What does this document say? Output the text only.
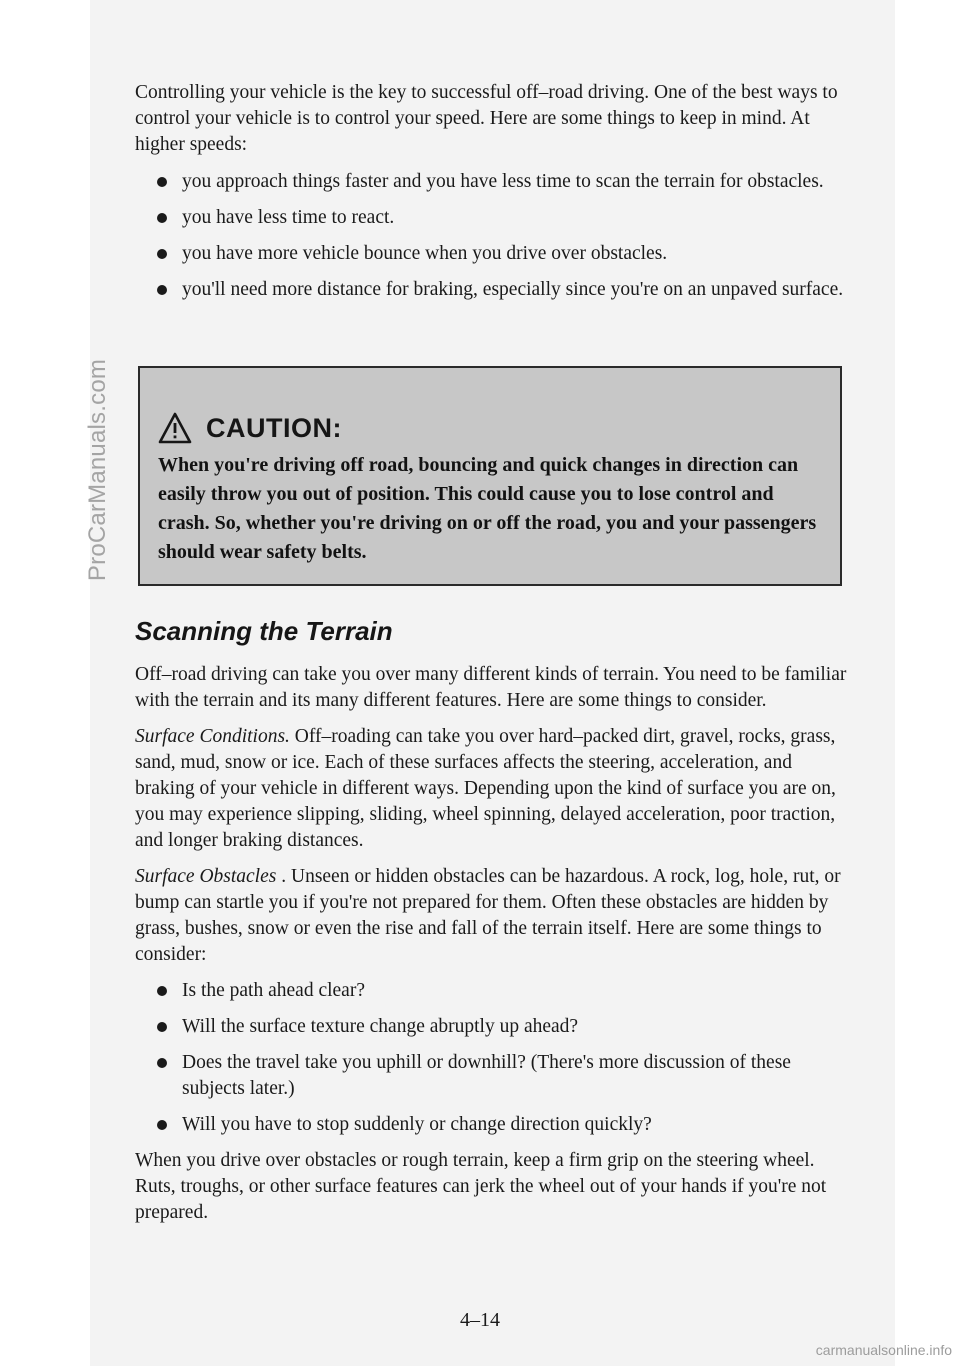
ProCarManuals.com
carmanualsonline.info

Controlling your vehicle is the key to successful off–road driving. One of the best ways to control your vehicle is to control your speed. Here are some things to keep in mind. At higher speeds:

you approach things faster and you have less time to scan the terrain for obstacles.
you have less time to react.
you have more vehicle bounce when you drive over obstacles.
you'll need more distance for braking, especially since you're on an unpaved surface.
CAUTION:
When you're driving off road, bouncing and quick changes in direction can easily throw you out of position. This could cause you to lose control and crash. So, whether you're driving on or off the road, you and your passengers should wear safety belts.
Scanning the Terrain

Off–road driving can take you over many different kinds of terrain. You need to be familiar with the terrain and its many different features. Here are some things to consider.

Surface Conditions. Off–roading can take you over hard–packed dirt, gravel, rocks, grass, sand, mud, snow or ice. Each of these surfaces affects the steering, acceleration, and braking of your vehicle in different ways. Depending upon the kind of surface you are on, you may experience slipping, sliding, wheel spinning, delayed acceleration, poor traction, and longer braking distances.

Surface Obstacles . Unseen or hidden obstacles can be hazardous. A rock, log, hole, rut, or bump can startle you if you're not prepared for them. Often these obstacles are hidden by grass, bushes, snow or even the rise and fall of the terrain itself. Here are some things to consider:

Is the path ahead clear?
Will the surface texture change abruptly up ahead?
Does the travel take you uphill or downhill? (There's more discussion of these subjects later.)
Will you have to stop suddenly or change direction quickly?

When you drive over obstacles or rough terrain, keep a firm grip on the steering wheel. Ruts, troughs, or other surface features can jerk the wheel out of your hands if you're not prepared.

4–14
